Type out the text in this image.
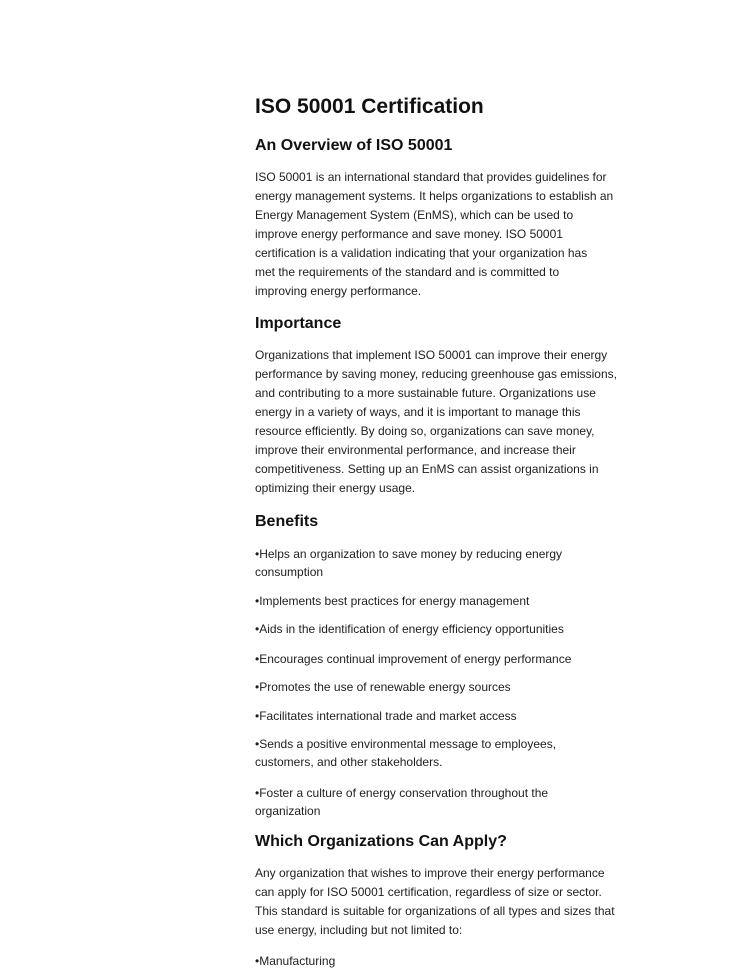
ISO 50001 Certification
An Overview of ISO 50001
ISO 50001 is an international standard that provides guidelines for
energy management systems. It helps organizations to establish an
Energy Management System (EnMS), which can be used to
improve energy performance and save money. ISO 50001
certification is a validation indicating that your organization has
met the requirements of the standard and is committed to
improving energy performance.
Importance
Organizations that implement ISO 50001 can improve their energy
performance by saving money, reducing greenhouse gas emissions,
and contributing to a more sustainable future. Organizations use
energy in a variety of ways, and it is important to manage this
resource efficiently. By doing so, organizations can save money,
improve their environmental performance, and increase their
competitiveness. Setting up an EnMS can assist organizations in
optimizing their energy usage.
Benefits
•Helps an organization to save money by reducing energy
consumption
•Implements best practices for energy management
•Aids in the identification of energy efficiency opportunities
•Encourages continual improvement of energy performance
•Promotes the use of renewable energy sources
•Facilitates international trade and market access
•Sends a positive environmental message to employees,
customers, and other stakeholders.
•Foster a culture of energy conservation throughout the
organization
Which Organizations Can Apply?
Any organization that wishes to improve their energy performance
can apply for ISO 50001 certification, regardless of size or sector.
This standard is suitable for organizations of all types and sizes that
use energy, including but not limited to:
•Manufacturing
